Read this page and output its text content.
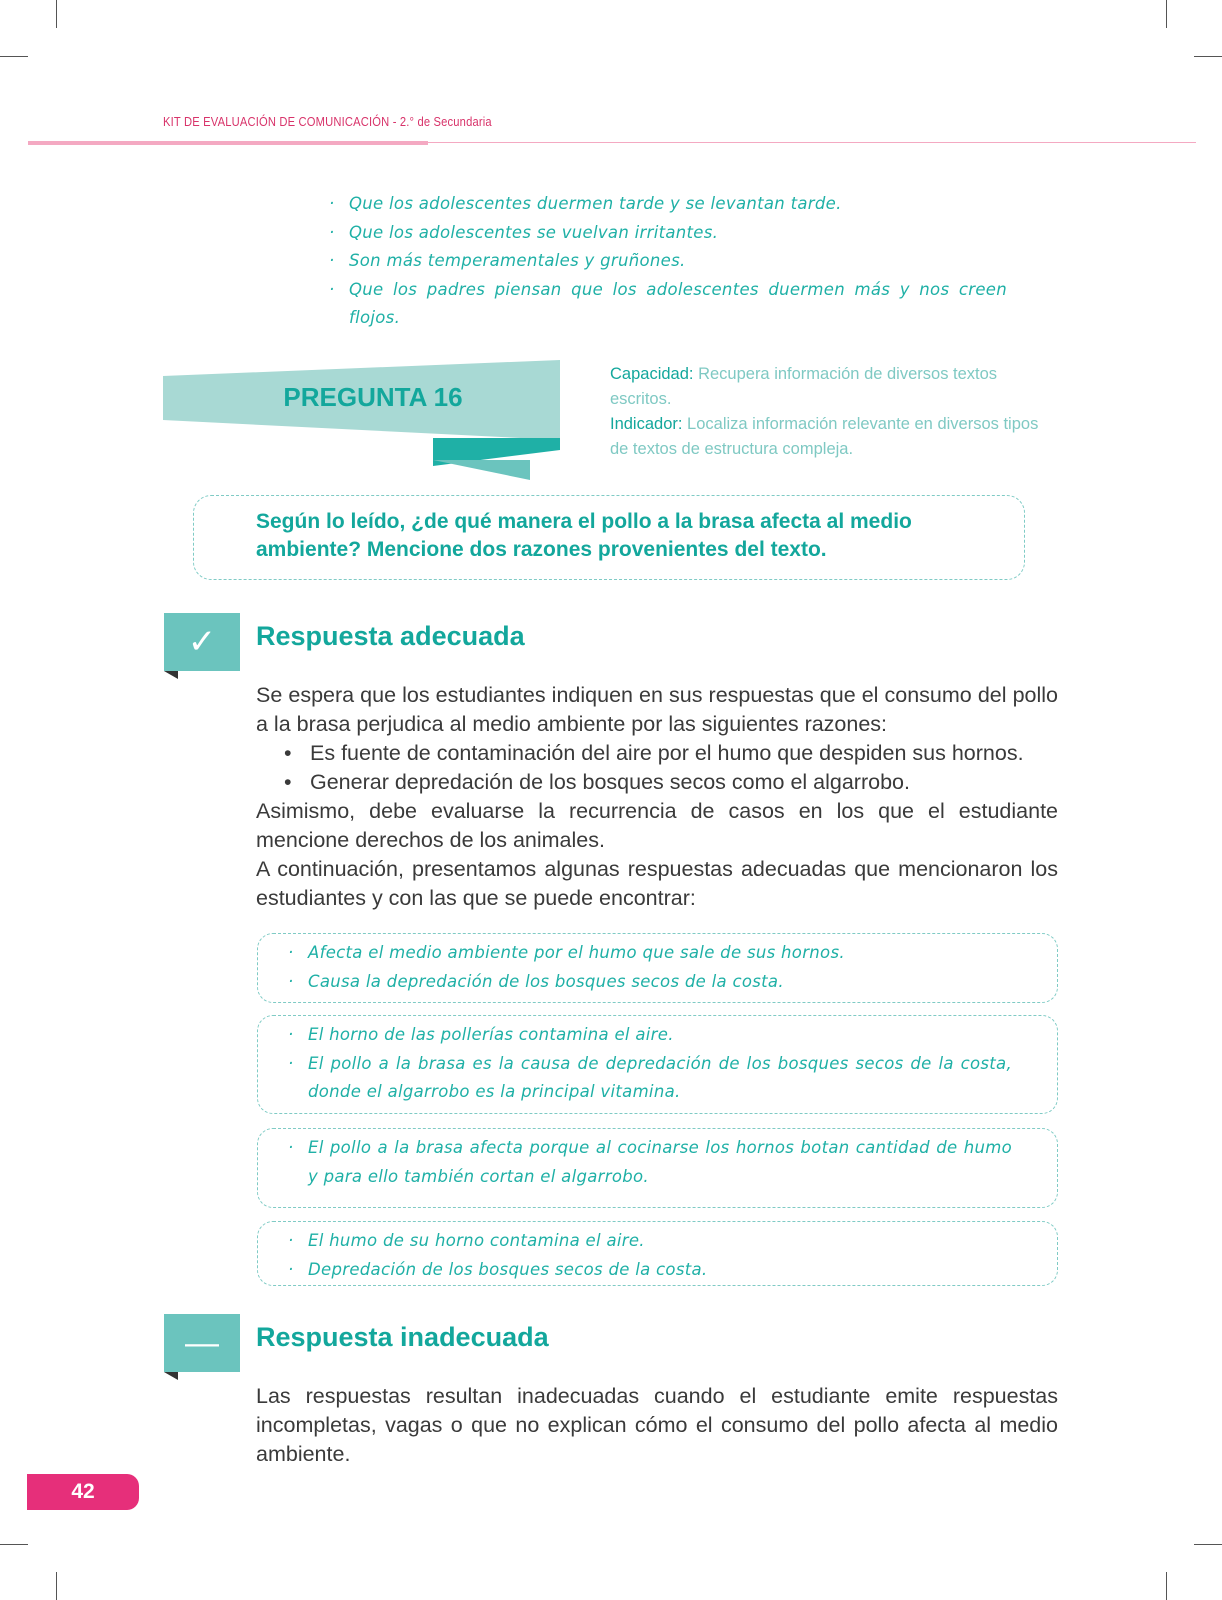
KIT DE EVALUACIÓN DE COMUNICACIÓN - 2.° de Secundaria
· Que los adolescentes duermen tarde y se levantan tarde.
· Que los adolescentes se vuelvan irritantes.
· Son más temperamentales y gruñones.
· Que los padres piensan que los adolescentes duermen más y nos creen flojos.
PREGUNTA 16
Capacidad: Recupera información de diversos textos escritos.
Indicador: Localiza información relevante en diversos tipos de textos de estructura compleja.
Según lo leído, ¿de qué manera el pollo a la brasa afecta al medio ambiente? Mencione dos razones provenientes del texto.
✓	Respuesta adecuada

Se espera que los estudiantes indiquen en sus respuestas que el consumo del pollo a la brasa perjudica al medio ambiente por las siguientes razones:

• Es fuente de contaminación del aire por el humo que despiden sus hornos.
• Generar depredación de los bosques secos como el algarrobo.

Asimismo, debe evaluarse la recurrencia de casos en los que el estudiante mencione derechos de los animales.

A continuación, presentamos algunas respuestas adecuadas que mencionaron los estudiantes y con las que se puede encontrar:

· Afecta el medio ambiente por el humo que sale de sus hornos.
· Causa la depredación de los bosques secos de la costa.
· El horno de las pollerías contamina el aire.
· El pollo a la brasa es la causa de depredación de los bosques secos de la costa, donde el algarrobo es la principal vitamina.
· El pollo a la brasa afecta porque al cocinarse los hornos botan cantidad de humo y para ello también cortan el algarrobo.
· El humo de su horno contamina el aire.
· Depredación de los bosques secos de la costa.
—	Respuesta inadecuada

Las respuestas resultan inadecuadas cuando el estudiante emite respuestas incompletas, vagas o que no explican cómo el consumo del pollo afecta al medio ambiente.

42
